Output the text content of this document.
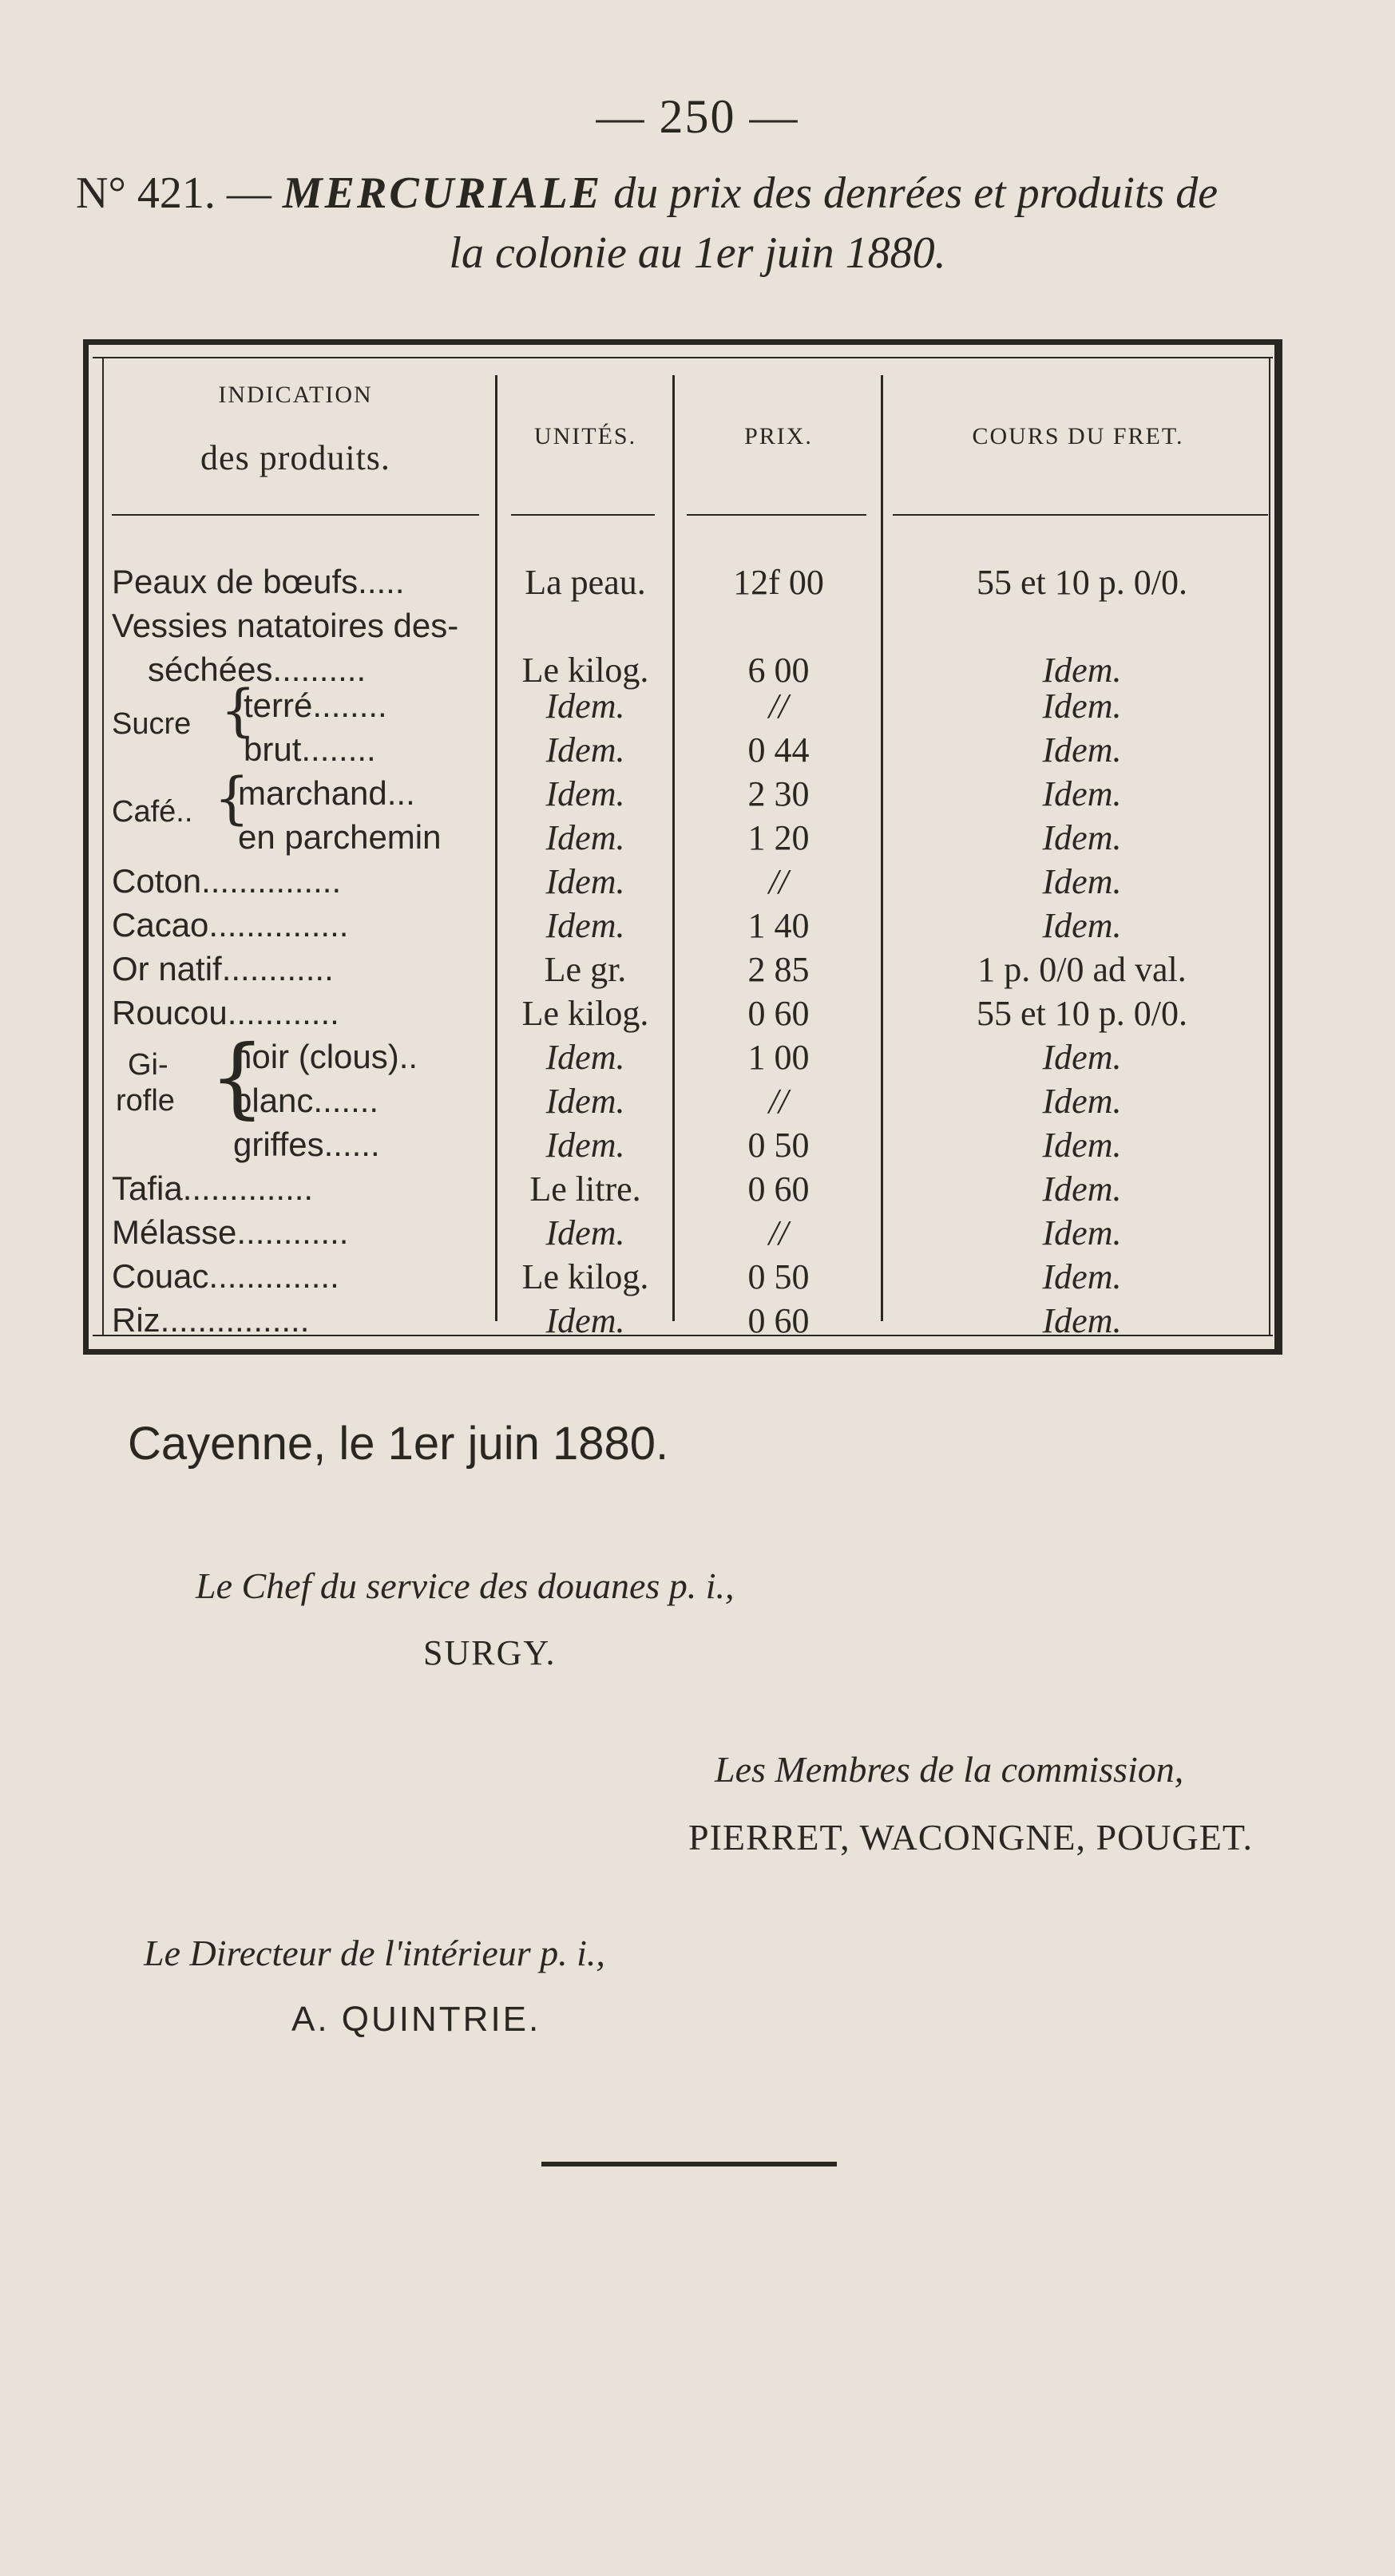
— 250 —
N° 421. — MERCURIALE du prix des denrées et produits de
la colonie au 1er juin 1880.
INDICATION
des produits.
UNITÉS.	PRIX.	COURS DU FRET.
Peaux de bœufs.....	La peau.	12f 00	55 et 10 p. 0/0.
Vessies natatoires des-
séchées..........	Le kilog.	6 00	Idem.
Sucre {
terré........	Idem.	//	Idem.
brut........	Idem.	0 44	Idem.
Café.. {
marchand...	Idem.	2 30	Idem.
en parchemin	Idem.	1 20	Idem.
Coton...............	Idem.	//	Idem.
Cacao...............	Idem.	1 40	Idem.
Or natif............	Le gr.	2 85	1 p. 0/0 ad val.
Roucou............	Le kilog.	0 60	55 et 10 p. 0/0.
Gi-
rofle {
noir (clous)..	Idem.	1 00	Idem.
blanc.......	Idem.	//	Idem.
griffes......	Idem.	0 50	Idem.
Tafia..............	Le litre.	0 60	Idem.
Mélasse............	Idem.	//	Idem.
Couac..............	Le kilog.	0 50	Idem.
Riz................	Idem.	0 60	Idem.
Cayenne, le 1er juin 1880.
Le Chef du service des douanes p. i.,
SURGY.
Les Membres de la commission,
PIERRET, WACONGNE, POUGET.
Le Directeur de l'intérieur p. i.,
A. QUINTRIE.
